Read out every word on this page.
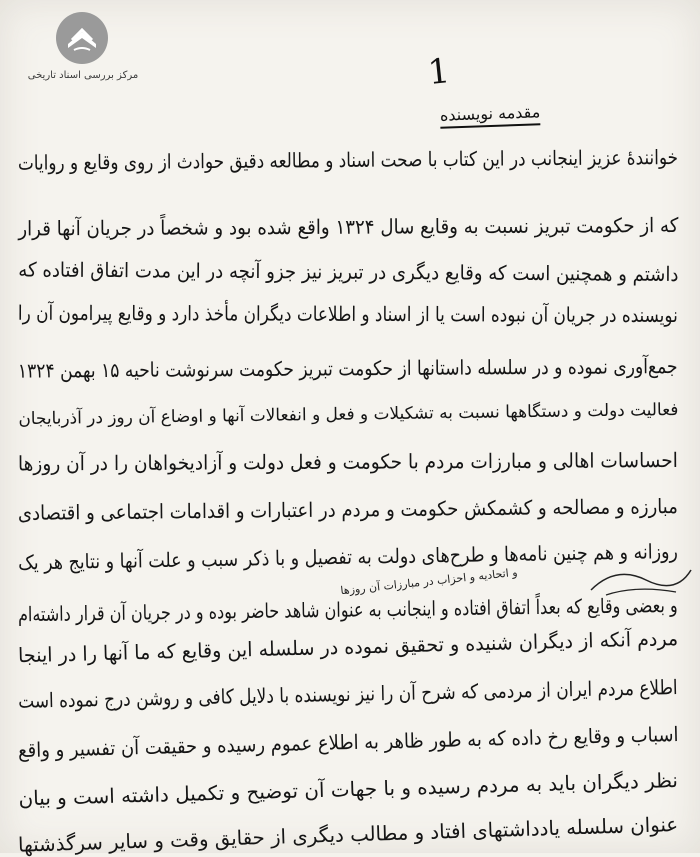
مرکز بررسی اسناد تاریخی	1
مقدمه نویسنده
خوانندهٔ عزیز اینجانب در این کتاب با صحت اسناد و مطالعه دقیق حوادث از روی وقایع و روایات
که از حکومت تبریز نسبت به وقایع سال ۱۳۲۴ واقع شده بود و شخصاً در جریان آنها قرار
داشتم و همچنین است که وقایع دیگری در تبریز نیز جزو آنچه در این مدت اتفاق افتاده که
نویسنده در جریان آن نبوده است یا از اسناد و اطلاعات دیگران مأخذ دارد و وقایع پیرامون آن را
جمع‌آوری نموده و در سلسله داستانها از حکومت تبریز حکومت سرنوشت ناحیه ۱۵ بهمن ۱۳۲۴
فعالیت دولت و دستگاهها نسبت به تشکیلات و فعل و انفعالات آنها و اوضاع آن روز در آذربایجان
احساسات اهالی و مبارزات مردم با حکومت و فعل دولت و آزادیخواهان را در آن روزها
مبارزه و مصالحه و کشمکش حکومت و مردم در اعتبارات و اقدامات اجتماعی و اقتصادی
روزانه و هم چنین نامه‌ها و طرح‌های دولت به تفصیل و با ذکر سبب و علت آنها و نتایج هر یک
و اتحادیه و احزاب در مبارزات آن روزها
و بعضی وقایع که بعداً اتفاق افتاده و اینجانب به عنوان شاهد حاضر بوده و در جریان آن قرار داشته‌ام
مردم آنکه از دیگران شنیده و تحقیق نموده در سلسله این وقایع که ما آنها را در اینجا
اطلاع مردم ایران از مردمی که شرح آن را نیز نویسنده با دلایل کافی و روشن درج نموده است
اسباب و وقایع رخ داده که به طور ظاهر به اطلاع عموم رسیده و حقیقت آن تفسیر و واقع
نظر دیگران باید به مردم رسیده و با جهات آن توضیح و تکمیل داشته است و بیان
عنوان سلسله یادداشتهای افتاد و مطالب دیگری از حقایق وقت و سایر سرگذشتها
